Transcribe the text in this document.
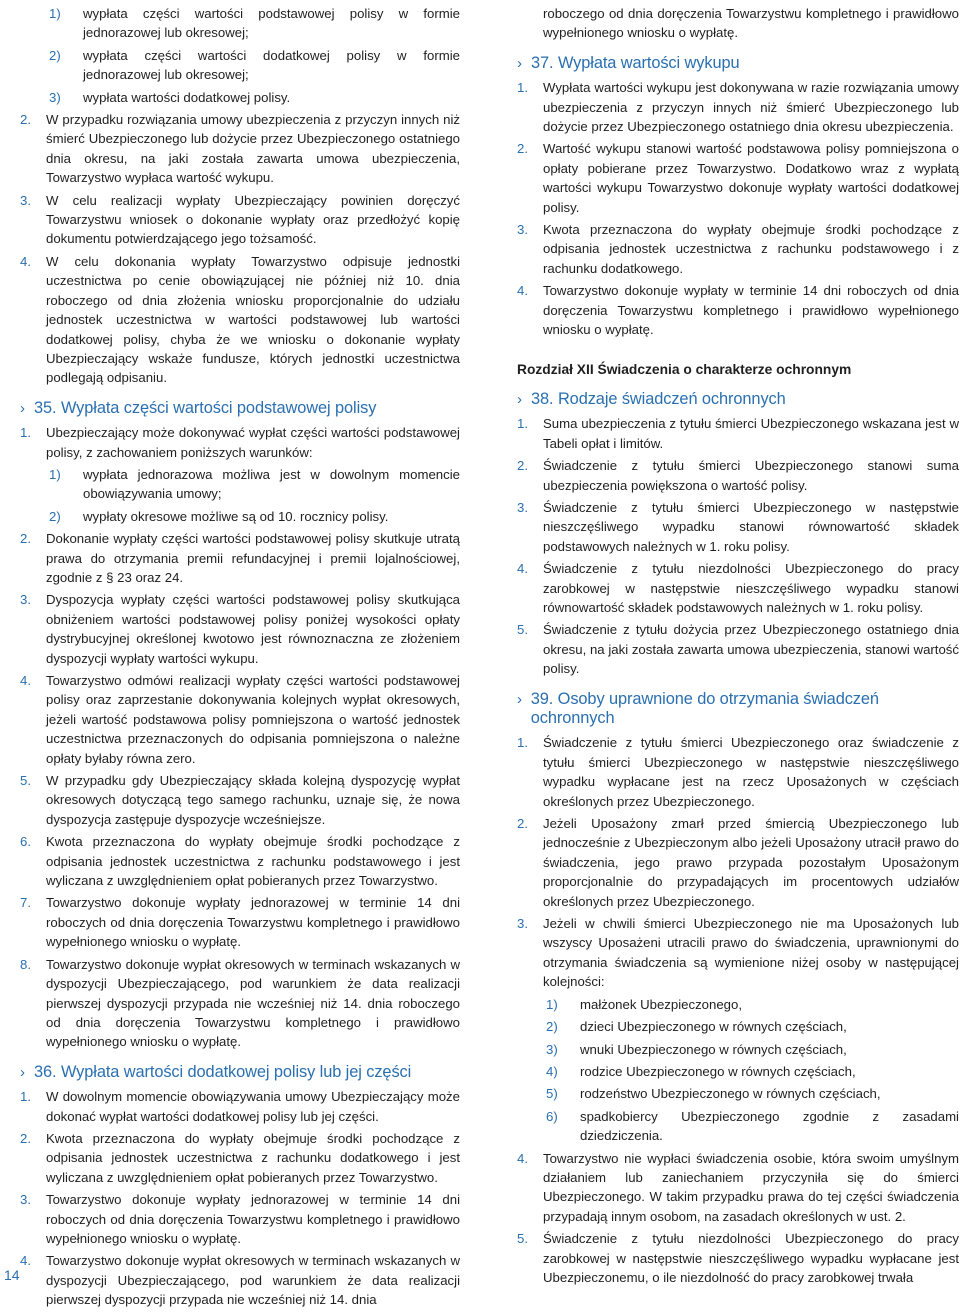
1) wypłata części wartości podstawowej polisy w formie jednorazowej lub okresowej;
2) wypłata części wartości dodatkowej polisy w formie jednorazowej lub okresowej;
3) wypłata wartości dodatkowej polisy.
2. W przypadku rozwiązania umowy ubezpieczenia z przyczyn innych niż śmierć Ubezpieczonego lub dożycie przez Ubezpieczonego ostatniego dnia okresu, na jaki została zawarta umowa ubezpieczenia, Towarzystwo wypłaca wartość wykupu.
3. W celu realizacji wypłaty Ubezpieczający powinien doręczyć Towarzystwu wniosek o dokonanie wypłaty oraz przedłożyć kopię dokumentu potwierdzającego jego tożsamość.
4. W celu dokonania wypłaty Towarzystwo odpisuje jednostki uczestnictwa po cenie obowiązującej nie później niż 10. dnia roboczego od dnia złożenia wniosku proporcjonalnie do udziału jednostek uczestnictwa w wartości podstawowej lub wartości dodatkowej polisy, chyba że we wniosku o dokonanie wypłaty Ubezpieczający wskaże fundusze, których jednostki uczestnictwa podlegają odpisaniu.
› 35. Wypłata części wartości podstawowej polisy
1. Ubezpieczający może dokonywać wypłat części wartości podstawowej polisy, z zachowaniem poniższych warunków:
1) wypłata jednorazowa możliwa jest w dowolnym momencie obowiązywania umowy;
2) wypłaty okresowe możliwe są od 10. rocznicy polisy.
2. Dokonanie wypłaty części wartości podstawowej polisy skutkuje utratą prawa do otrzymania premii refundacyjnej i premii lojalnościowej, zgodnie z § 23 oraz 24.
3. Dyspozycja wypłaty części wartości podstawowej polisy skutkująca obniżeniem wartości podstawowej polisy poniżej wysokości opłaty dystrybucyjnej określonej kwotowo jest równoznaczna ze złożeniem dyspozycji wypłaty wartości wykupu.
4. Towarzystwo odmówi realizacji wypłaty części wartości podstawowej polisy oraz zaprzestanie dokonywania kolejnych wypłat okresowych, jeżeli wartość podstawowa polisy pomniejszona o wartość jednostek uczestnictwa przeznaczonych do odpisania pomniejszona o należne opłaty byłaby równa zero.
5. W przypadku gdy Ubezpieczający składa kolejną dyspozycję wypłat okresowych dotyczącą tego samego rachunku, uznaje się, że nowa dyspozycja zastępuje dyspozycje wcześniejsze.
6. Kwota przeznaczona do wypłaty obejmuje środki pochodzące z odpisania jednostek uczestnictwa z rachunku podstawowego i jest wyliczana z uwzględnieniem opłat pobieranych przez Towarzystwo.
7. Towarzystwo dokonuje wypłaty jednorazowej w terminie 14 dni roboczych od dnia doręczenia Towarzystwu kompletnego i prawidłowo wypełnionego wniosku o wypłatę.
8. Towarzystwo dokonuje wypłat okresowych w terminach wskazanych w dyspozycji Ubezpieczającego, pod warunkiem że data realizacji pierwszej dyspozycji przypada nie wcześniej niż 14. dnia roboczego od dnia doręczenia Towarzystwu kompletnego i prawidłowo wypełnionego wniosku o wypłatę.
› 36. Wypłata wartości dodatkowej polisy lub jej części
1. W dowolnym momencie obowiązywania umowy Ubezpieczający może dokonać wypłat wartości dodatkowej polisy lub jej części.
2. Kwota przeznaczona do wypłaty obejmuje środki pochodzące z odpisania jednostek uczestnictwa z rachunku dodatkowego i jest wyliczana z uwzględnieniem opłat pobieranych przez Towarzystwo.
3. Towarzystwo dokonuje wypłaty jednorazowej w terminie 14 dni roboczych od dnia doręczenia Towarzystwu kompletnego i prawidłowo wypełnionego wniosku o wypłatę.
4. Towarzystwo dokonuje wypłat okresowych w terminach wskazanych w dyspozycji Ubezpieczającego, pod warunkiem że data realizacji pierwszej dyspozycji przypada nie wcześniej niż 14. dnia
roboczego od dnia doręczenia Towarzystwu kompletnego i prawidłowo wypełnionego wniosku o wypłatę.
› 37. Wypłata wartości wykupu
1. Wypłata wartości wykupu jest dokonywana w razie rozwiązania umowy ubezpieczenia z przyczyn innych niż śmierć Ubezpieczonego lub dożycie przez Ubezpieczonego ostatniego dnia okresu ubezpieczenia.
2. Wartość wykupu stanowi wartość podstawowa polisy pomniejszona o opłaty pobierane przez Towarzystwo. Dodatkowo wraz z wypłatą wartości wykupu Towarzystwo dokonuje wypłaty wartości dodatkowej polisy.
3. Kwota przeznaczona do wypłaty obejmuje środki pochodzące z odpisania jednostek uczestnictwa z rachunku podstawowego i z rachunku dodatkowego.
4. Towarzystwo dokonuje wypłaty w terminie 14 dni roboczych od dnia doręczenia Towarzystwu kompletnego i prawidłowo wypełnionego wniosku o wypłatę.
Rozdział XII Świadczenia o charakterze ochronnym
› 38. Rodzaje świadczeń ochronnych
1. Suma ubezpieczenia z tytułu śmierci Ubezpieczonego wskazana jest w Tabeli opłat i limitów.
2. Świadczenie z tytułu śmierci Ubezpieczonego stanowi suma ubezpieczenia powiększona o wartość polisy.
3. Świadczenie z tytułu śmierci Ubezpieczonego w następstwie nieszczęśliwego wypadku stanowi równowartość składek podstawowych należnych w 1. roku polisy.
4. Świadczenie z tytułu niezdolności Ubezpieczonego do pracy zarobkowej w następstwie nieszczęśliwego wypadku stanowi równowartość składek podstawowych należnych w 1. roku polisy.
5. Świadczenie z tytułu dożycia przez Ubezpieczonego ostatniego dnia okresu, na jaki została zawarta umowa ubezpieczenia, stanowi wartość polisy.
› 39. Osoby uprawnione do otrzymania świadczeń ochronnych
1. Świadczenie z tytułu śmierci Ubezpieczonego oraz świadczenie z tytułu śmierci Ubezpieczonego w następstwie nieszczęśliwego wypadku wypłacane jest na rzecz Uposażonych w częściach określonych przez Ubezpieczonego.
2. Jeżeli Uposażony zmarł przed śmiercią Ubezpieczonego lub jednocześnie z Ubezpieczonym albo jeżeli Uposażony utracił prawo do świadczenia, jego prawo przypada pozostałym Uposażonym proporcjonalnie do przypadających im procentowych udziałów określonych przez Ubezpieczonego.
3. Jeżeli w chwili śmierci Ubezpieczonego nie ma Uposażonych lub wszyscy Uposażeni utracili prawo do świadczenia, uprawnionymi do otrzymania świadczenia są wymienione niżej osoby w następującej kolejności:
1) małżonek Ubezpieczonego,
2) dzieci Ubezpieczonego w równych częściach,
3) wnuki Ubezpieczonego w równych częściach,
4) rodzice Ubezpieczonego w równych częściach,
5) rodzeństwo Ubezpieczonego w równych częściach,
6) spadkobiercy Ubezpieczonego zgodnie z zasadami dziedziczenia.
4. Towarzystwo nie wypłaci świadczenia osobie, która swoim umyślnym działaniem lub zaniechaniem przyczyniła się do śmierci Ubezpieczonego. W takim przypadku prawa do tej części świadczenia przypadają innym osobom, na zasadach określonych w ust. 2.
5. Świadczenie z tytułu niezdolności Ubezpieczonego do pracy zarobkowej w następstwie nieszczęśliwego wypadku wypłacane jest Ubezpieczonemu, o ile niezdolność do pracy zarobkowej trwała
14
